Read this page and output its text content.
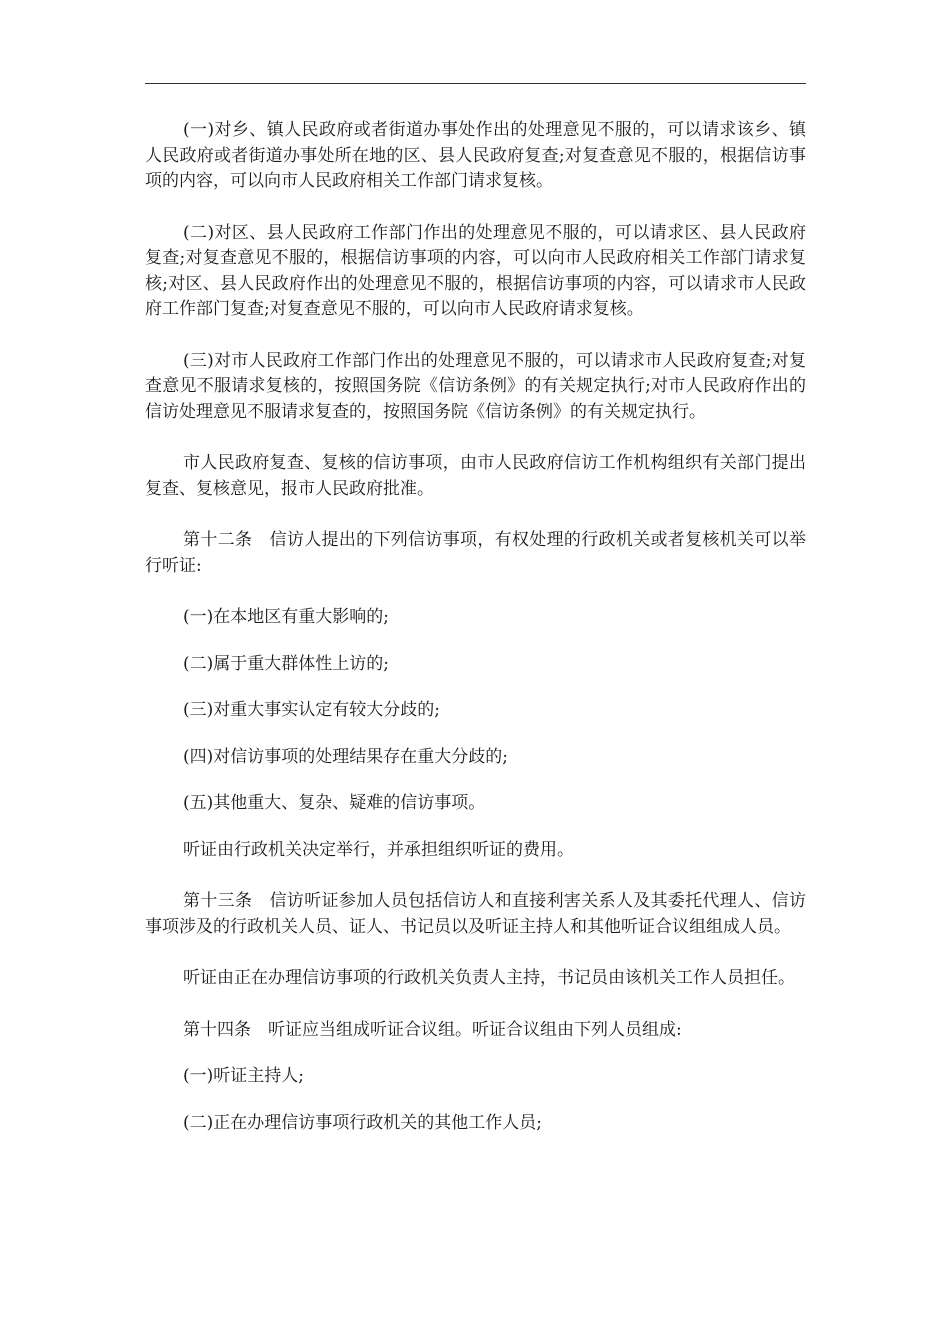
(一)对乡、镇人民政府或者街道办事处作出的处理意见不服的，可以请求该乡、镇人民政府或者街道办事处所在地的区、县人民政府复查;对复查意见不服的，根据信访事项的内容，可以向市人民政府相关工作部门请求复核。

(二)对区、县人民政府工作部门作出的处理意见不服的，可以请求区、县人民政府复查;对复查意见不服的，根据信访事项的内容，可以向市人民政府相关工作部门请求复核;对区、县人民政府作出的处理意见不服的，根据信访事项的内容，可以请求市人民政府工作部门复查;对复查意见不服的，可以向市人民政府请求复核。

(三)对市人民政府工作部门作出的处理意见不服的，可以请求市人民政府复查;对复查意见不服请求复核的，按照国务院《信访条例》的有关规定执行;对市人民政府作出的信访处理意见不服请求复查的，按照国务院《信访条例》的有关规定执行。

市人民政府复查、复核的信访事项，由市人民政府信访工作机构组织有关部门提出复查、复核意见，报市人民政府批准。

第十二条　信访人提出的下列信访事项，有权处理的行政机关或者复核机关可以举行听证:

(一)在本地区有重大影响的;

(二)属于重大群体性上访的;

(三)对重大事实认定有较大分歧的;

(四)对信访事项的处理结果存在重大分歧的;

(五)其他重大、复杂、疑难的信访事项。

听证由行政机关决定举行，并承担组织听证的费用。

第十三条　信访听证参加人员包括信访人和直接利害关系人及其委托代理人、信访事项涉及的行政机关人员、证人、书记员以及听证主持人和其他听证合议组组成人员。

听证由正在办理信访事项的行政机关负责人主持，书记员由该机关工作人员担任。

第十四条　听证应当组成听证合议组。听证合议组由下列人员组成:

(一)听证主持人;

(二)正在办理信访事项行政机关的其他工作人员;
